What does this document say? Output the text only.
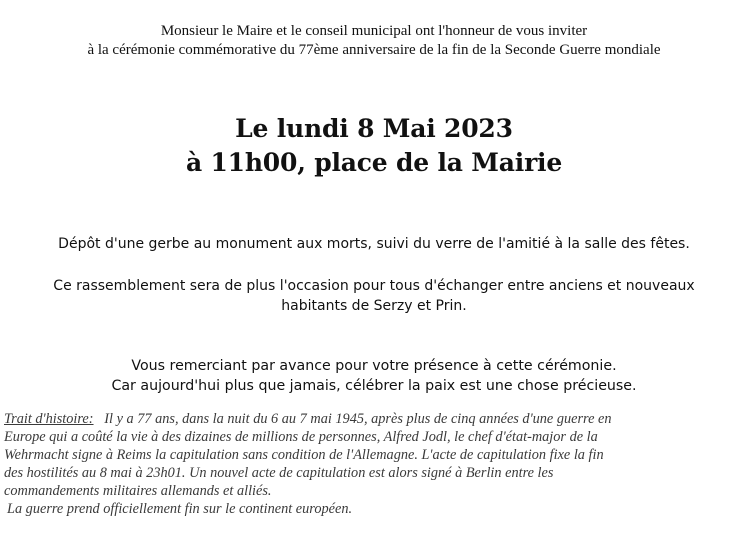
Monsieur le Maire et le conseil municipal ont l'honneur de vous inviter
à la cérémonie commémorative du 77ème anniversaire de la fin de la Seconde Guerre mondiale
Le lundi 8 Mai 2023
à 11h00, place de la Mairie
Dépôt d'une gerbe au monument aux morts, suivi du verre de l'amitié à la salle des fêtes.
Ce rassemblement sera de plus l'occasion pour tous d'échanger entre anciens et nouveaux
habitants de Serzy et Prin.
Vous remerciant par avance pour votre présence à cette cérémonie.
Car aujourd'hui plus que jamais, célébrer la paix est une chose précieuse.
Trait d'histoire: Il y a 77 ans, dans la nuit du 6 au 7 mai 1945, après plus de cinq années d'une guerre en
Europe qui a coûté la vie à des dizaines de millions de personnes, Alfred Jodl, le chef d'état-major de la
Wehrmacht signe à Reims la capitulation sans condition de l'Allemagne. L'acte de capitulation fixe la fin
des hostilités au 8 mai à 23h01. Un nouvel acte de capitulation est alors signé à Berlin entre les
commandements militaires allemands et alliés.
La guerre prend officiellement fin sur le continent européen.
